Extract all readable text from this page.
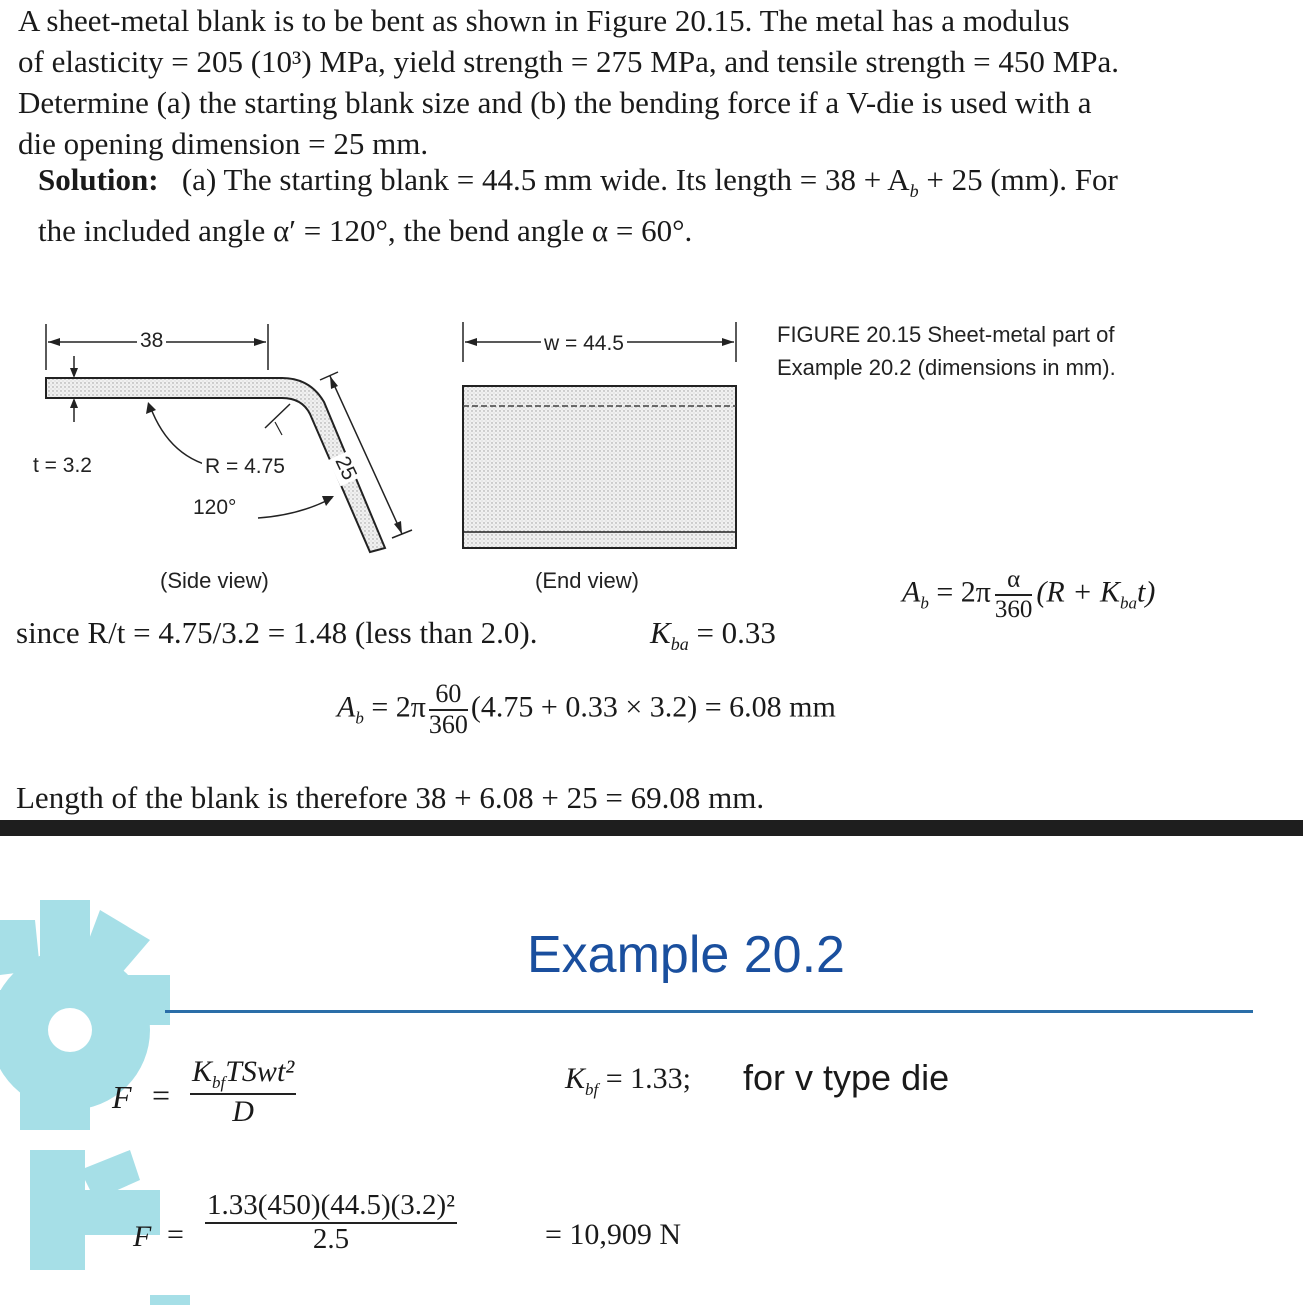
A sheet-metal blank is to be bent as shown in Figure 20.15. The metal has a modulus

of elasticity = 205 (10³) MPa, yield strength = 275 MPa, and tensile strength = 450 MPa.

Determine (a) the starting blank size and (b) the bending force if a V-die is used with a

die opening dimension = 25 mm.

Solution: (a) The starting blank = 44.5 mm wide. Its length = $38 + A_b + 25$ (mm). For
the included angle α′ = 120°, the bend angle α = 60°.
38
t = 3.2	R = 4.75
120°
25
(Side view)
w = 44.5
(End view)
FIGURE 20.15 Sheet-metal part of
Example 20.2 (dimensions in mm).
$A_b = 2\pi \frac{\alpha}{360} (R + K_{ba}t)$
since R/t = 4.75/3.2 = 1.48 (less than 2.0).	$K_{ba} = 0.33$
$A_b = 2\pi \frac{60}{360} (4.75 + 0.33 \times 3.2) = 6.08$ mm
Length of the blank is therefore 38 + 6.08 + 25 = 69.08 mm.
Example 20.2
F =
$K_{bf}TSwt^2$
D
$K_{bf} = 1.33$; for v type die
$F = \frac{\text{1.33(450)(44.5)(3.2)²}}{2.5}$	= 10,909 N
